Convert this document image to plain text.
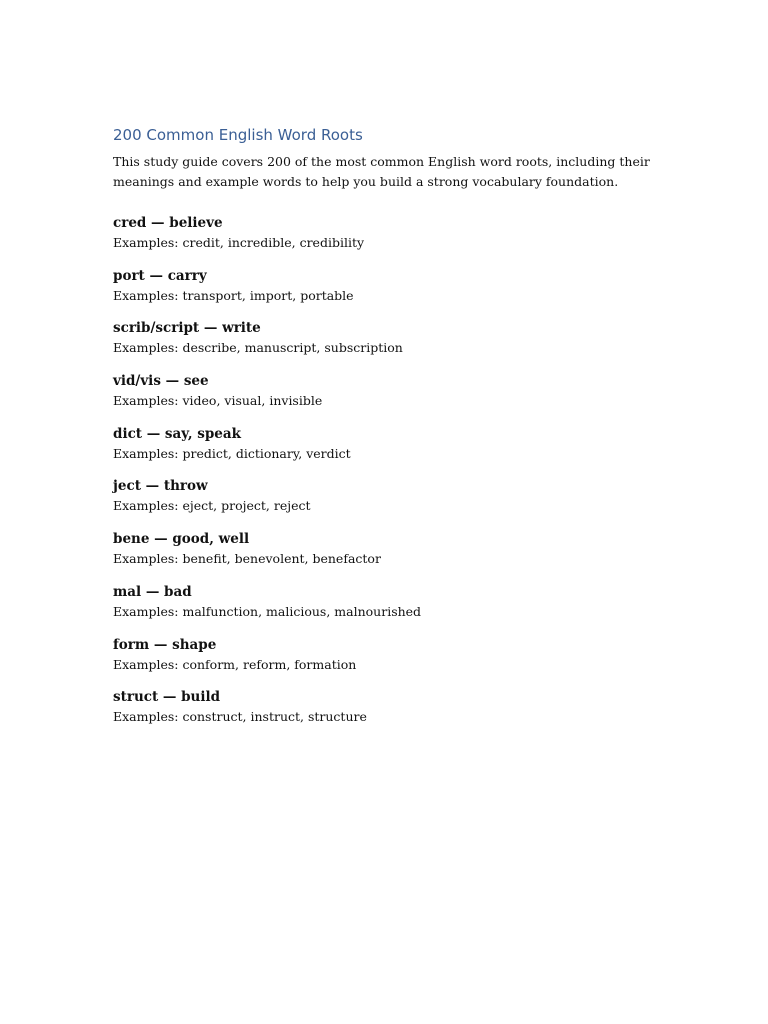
200 Common English Word Roots

This study guide covers 200 of the most common English word roots, including their meanings and example words to help you build a strong vocabulary foundation.

cred — believe

Examples: credit, incredible, credibility

port — carry

Examples: transport, import, portable

scrib/script — write

Examples: describe, manuscript, subscription

vid/vis — see

Examples: video, visual, invisible

dict — say, speak

Examples: predict, dictionary, verdict

ject — throw

Examples: eject, project, reject

bene — good, well

Examples: benefit, benevolent, benefactor

mal — bad

Examples: malfunction, malicious, malnourished

form — shape

Examples: conform, reform, formation

struct — build

Examples: construct, instruct, structure
